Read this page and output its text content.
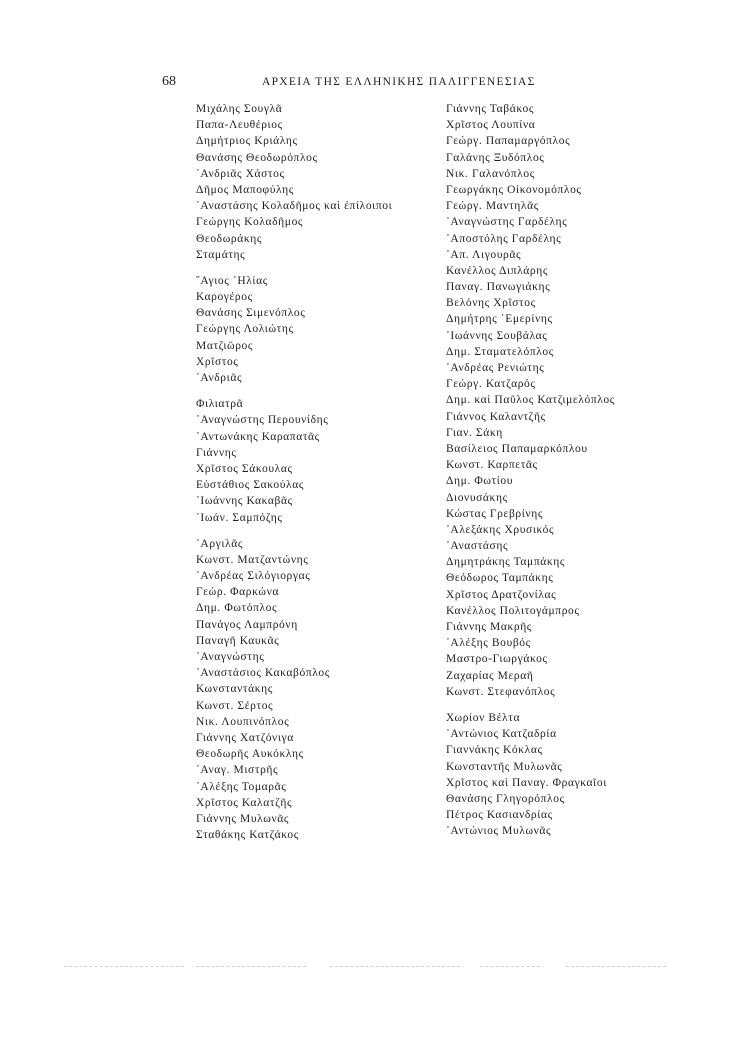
68	ΑΡΧΕΙΑ ΤΗΣ ΕΛΛΗΝΙΚΗΣ ΠΑΛΙΓΓΕΝΕΣΙΑΣ
Μιχάλης Σουγλᾶ
Παπα-Λευθέριος
Δημήτριος Κριάλης
Θανάσης Θεοδωρόπλος
᾿Ανδριᾶς Χάστος
Δῆμος Μαποφύλης
᾿Αναστάσης Κολαδῆμος καὶ ἐπίλοιποι
Γεώργης Κολαδῆμος
Θεοδωράκης
Σταμάτης
῞Αγιος ᾿Ηλίας
Καρογέρος
Θανάσης Σιμενόπλος
Γεώργης Λολιώτης
Ματζιῶρος
Χρῖστος
᾿Ανδριᾶς
Φιλιατρᾶ
᾿Αναγνώστης Περουνίδης
᾿Αντωνάκης Καραπατᾶς
Γιάννης
Χρῖστος Σάκουλας
Εὐστάθιος Σακούλας
᾿Ιωάννης Κακαβᾶς
᾿Ιωάν. Σαμπόζης
᾿Αργιλᾶς
Κωνστ. Ματζαντώνης
᾿Ανδρέας Σιλόγιοργας
Γεώρ. Φαρκώνα
Δημ. Φωτόπλος
Πανάγος Λαμπρόνη
Παναγῆ Καυκᾶς
᾿Αναγνώστης
᾿Αναστάσιος Κακαβόπλος
Κωνσταντάκης
Κωνστ. Σέρτος
Νικ. Λουπινόπλος
Γιάννης Χατζόνιγα
Θεοδωρῆς Αυκόκλης
᾿Αναγ. Μιστρῆς
᾿Αλέξης Τομαρᾶς
Χρῖστος Καλατζῆς
Γιάννης Μυλωνᾶς
Σταθάκης Κατζάκος
Γιάννης Ταβάκος
Χρῖστος Λουπίνα
Γεώργ. Παπαμαργόπλος
Γαλάνης Ξυδόπλος
Νικ. Γαλανόπλος
Γεωργάκης Οἰκονομόπλος
Γεώργ. Μαντηλᾶς
᾿Αναγνώστης Γαρδέλης
᾿Αποστόλης Γαρδέλης
᾿Απ. Λιγουρᾶς
Κανέλλος Διπλάρης
Παναγ. Πανωγιάκης
Βελόνης Χρῖστος
Δημήτρης ᾿Εμερίνης
᾿Ιωάννης Σουβάλας
Δημ. Σταματελόπλος
᾿Ανδρέας Ρενιώτης
Γεώργ. Κατζαρός
Δημ. καὶ Παῦλος Κατζιμελόπλος
Γιάννος Καλαντζῆς
Γιαν. Σάκη
Βασίλειος Παπαμαρκόπλου
Κωνστ. Καρπετᾶς
Δημ. Φωτίου
Διονυσάκης
Κώστας Γρεβρίνης
᾿Αλεξάκης Χρυσικός
᾿Αναστάσης
Δημητράκης Ταμπάκης
Θεόδωρος Ταμπάκης
Χρῖστος Δρατζονίλας
Κανέλλος Πολιτογάμπρος
Γιάννης Μακρῆς
᾿Αλέξης Βουβός
Μαστρο-Γιωργάκος
Ζαχαρίας Μεραῆ
Κωνστ. Στεφανόπλος
Χωρίον Βέλτα
᾿Αντώνιος Κατζαδρία
Γιαννάκης Κόκλας
Κωνσταντῆς Μυλωνᾶς
Χρῖστος καὶ Παναγ. Φραγκαῖοι
Θανάσης Γληγορόπλος
Πέτρος Κασιανδρίας
᾿Αντώνιος Μυλωνᾶς
